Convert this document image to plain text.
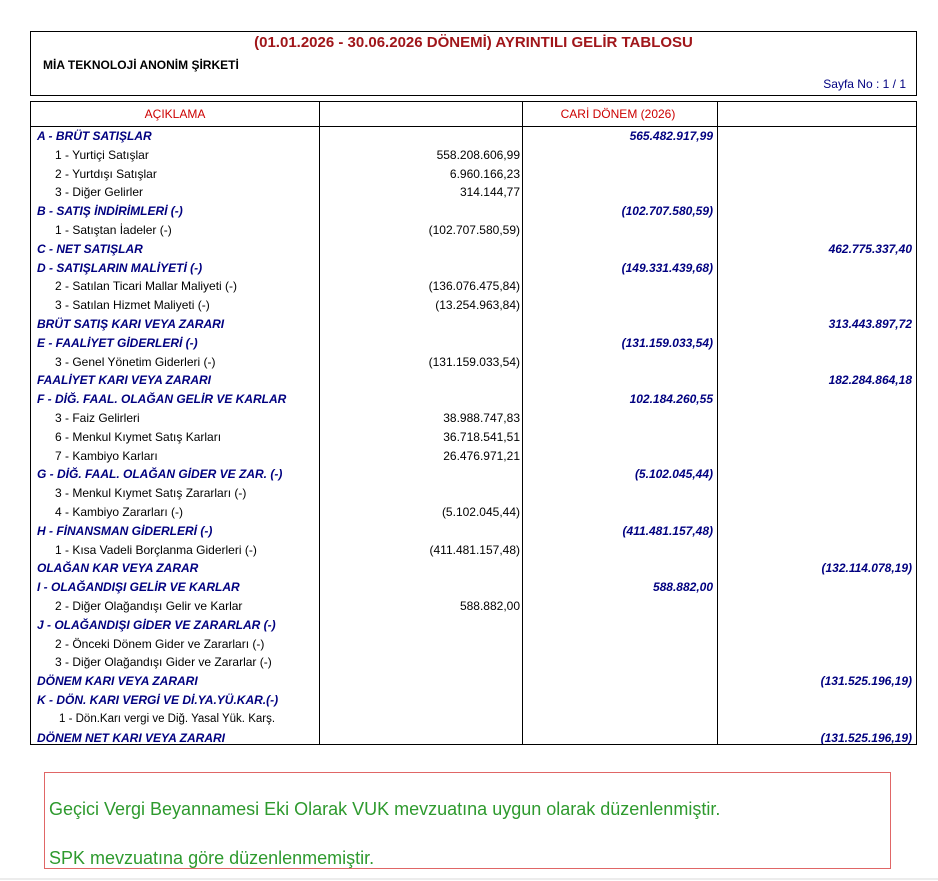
(01.01.2026 - 30.06.2026 DÖNEMİ) AYRINTILI GELİR TABLOSU
MİA TEKNOLOJİ ANONİM ŞİRKETİ
Sayfa No : 1 / 1
AÇIKLAMA	CARİ DÖNEM (2026)
A - BRÜT SATIŞLAR	565.482.917,99
1 - Yurtiçi Satışlar	558.208.606,99
2 - Yurtdışı Satışlar	6.960.166,23
3 - Diğer Gelirler	314.144,77
B - SATIŞ İNDİRİMLERİ (-)	(102.707.580,59)
1 - Satıştan İadeler (-)	(102.707.580,59)
C - NET SATIŞLAR	462.775.337,40
D - SATIŞLARIN MALİYETİ (-)	(149.331.439,68)
2 - Satılan Ticari Mallar Maliyeti (-)	(136.076.475,84)
3 - Satılan Hizmet Maliyeti (-)	(13.254.963,84)
BRÜT SATIŞ KARI VEYA ZARARI	313.443.897,72
E - FAALİYET GİDERLERİ (-)	(131.159.033,54)
3 - Genel Yönetim Giderleri (-)	(131.159.033,54)
FAALİYET KARI VEYA ZARARI	182.284.864,18
F - DİĞ. FAAL. OLAĞAN GELİR VE KARLAR	102.184.260,55
3 - Faiz Gelirleri	38.988.747,83
6 - Menkul Kıymet Satış Karları	36.718.541,51
7 - Kambiyo Karları	26.476.971,21
G - DİĞ. FAAL. OLAĞAN GİDER VE ZAR. (-)	(5.102.045,44)
3 - Menkul Kıymet Satış Zararları (-)
4 - Kambiyo Zararları (-)	(5.102.045,44)
H - FİNANSMAN GİDERLERİ (-)	(411.481.157,48)
1 - Kısa Vadeli Borçlanma Giderleri (-)	(411.481.157,48)
OLAĞAN KAR VEYA ZARAR	(132.114.078,19)
I - OLAĞANDIŞI GELİR VE KARLAR	588.882,00
2 - Diğer Olağandışı Gelir ve Karlar	588.882,00
J - OLAĞANDIŞI GİDER VE ZARARLAR (-)
2 - Önceki Dönem Gider ve Zararları (-)
3 - Diğer Olağandışı Gider ve Zararlar (-)
DÖNEM KARI VEYA ZARARI	(131.525.196,19)
K - DÖN. KARI VERGİ VE Dİ.YA.YÜ.KAR.(-)
1 - Dön.Karı vergi ve Diğ. Yasal Yük. Karş.
DÖNEM NET KARI VEYA ZARARI	(131.525.196,19)
Geçici Vergi Beyannamesi Eki Olarak VUK mevzuatına uygun olarak düzenlenmiştir.
SPK mevzuatına göre düzenlenmemiştir.
